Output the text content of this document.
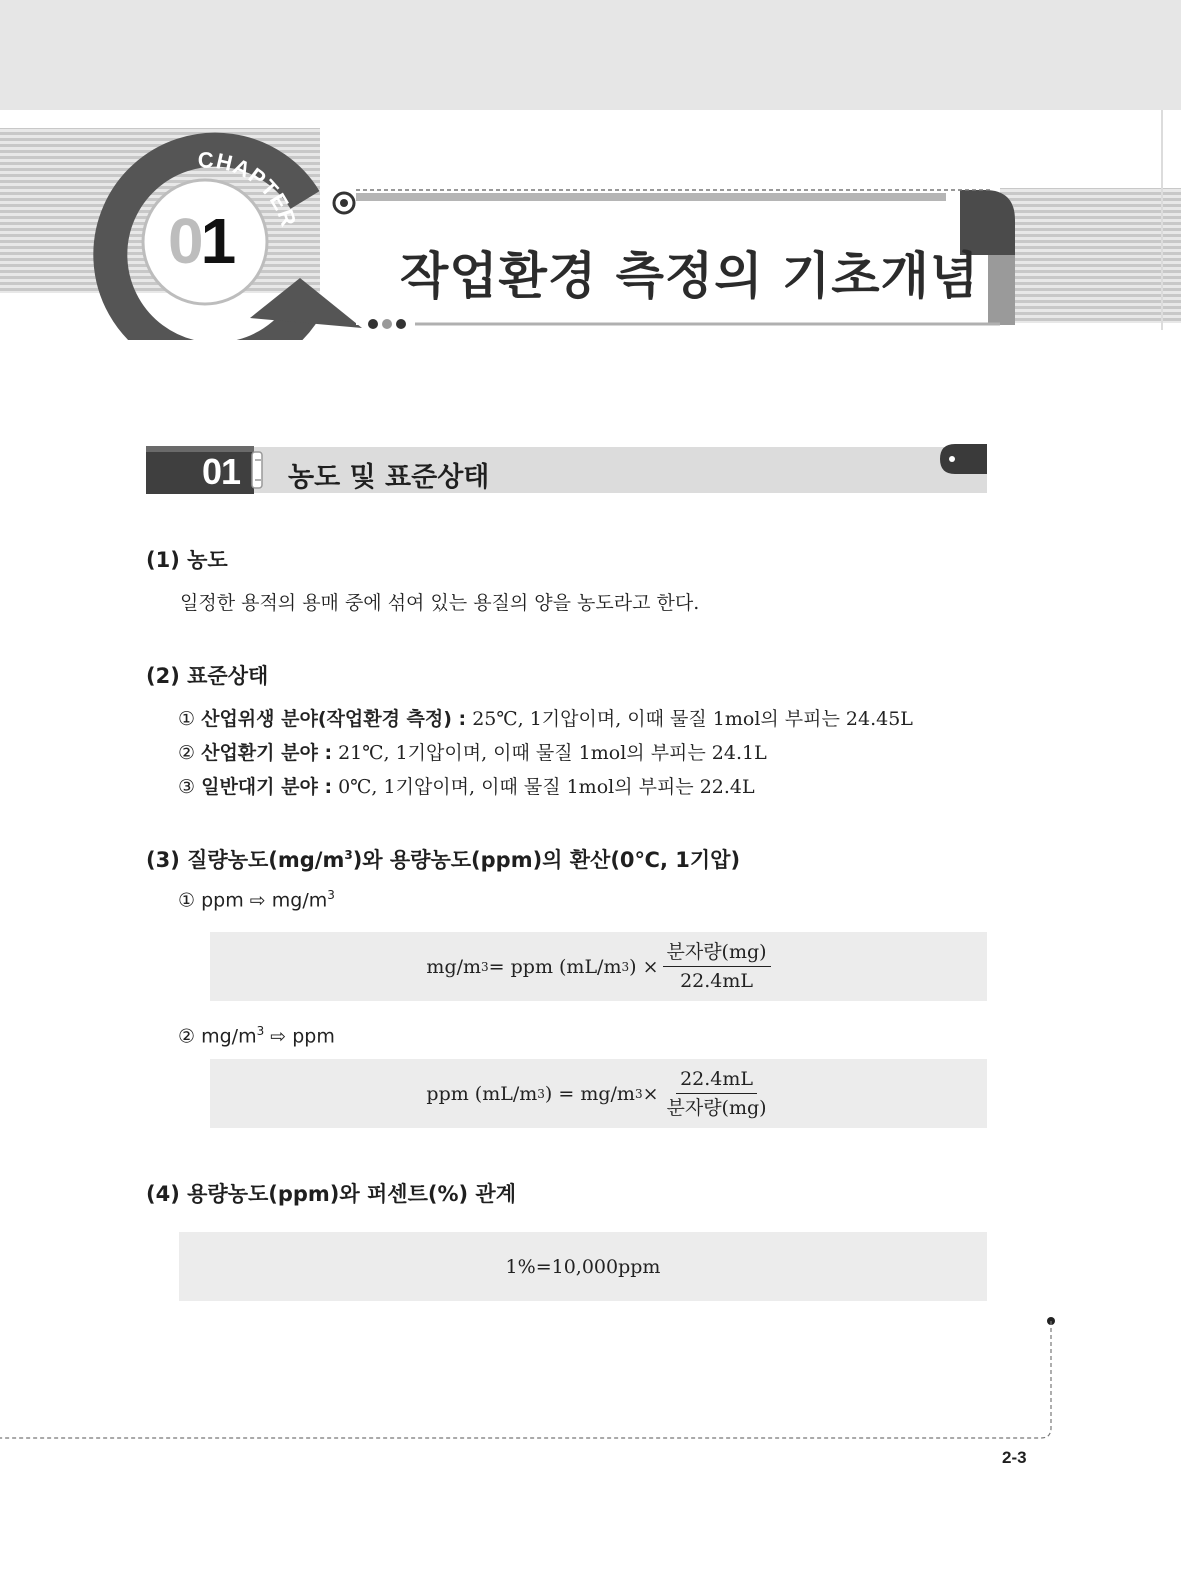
CHAPTER
01	작업환경 측정의 기초개념
01 농도 및 표준상태
(1) 농도
일정한 용적의 용매 중에 섞여 있는 용질의 양을 농도라고 한다.
(2) 표준상태
① 산업위생 분야(작업환경 측정) : 25℃, 1기압이며, 이때 물질 1mol의 부피는 24.45L
② 산업환기 분야 : 21℃, 1기압이며, 이때 물질 1mol의 부피는 24.1L
③ 일반대기 분야 : 0℃, 1기압이며, 이때 물질 1mol의 부피는 22.4L
(3) 질량농도$(mg/m^3)$와 용량농도(ppm)의 환산(0℃, 1기압)
① ppm ⇨ $mg/m^3$
mg/m 3 = ppm (mL/m 3 ) × $\frac{\text{분자량(mg)}}{22.4mL}$
② $mg/m^3$ ⇨ ppm
ppm (mL/m 3 ) = mg/m $3 \times \frac{22.4mL}{\text{분자량(mg)}}$
(4) 용량농도(ppm)와 퍼센트(%) 관계
1%=10,000ppm
2-3
